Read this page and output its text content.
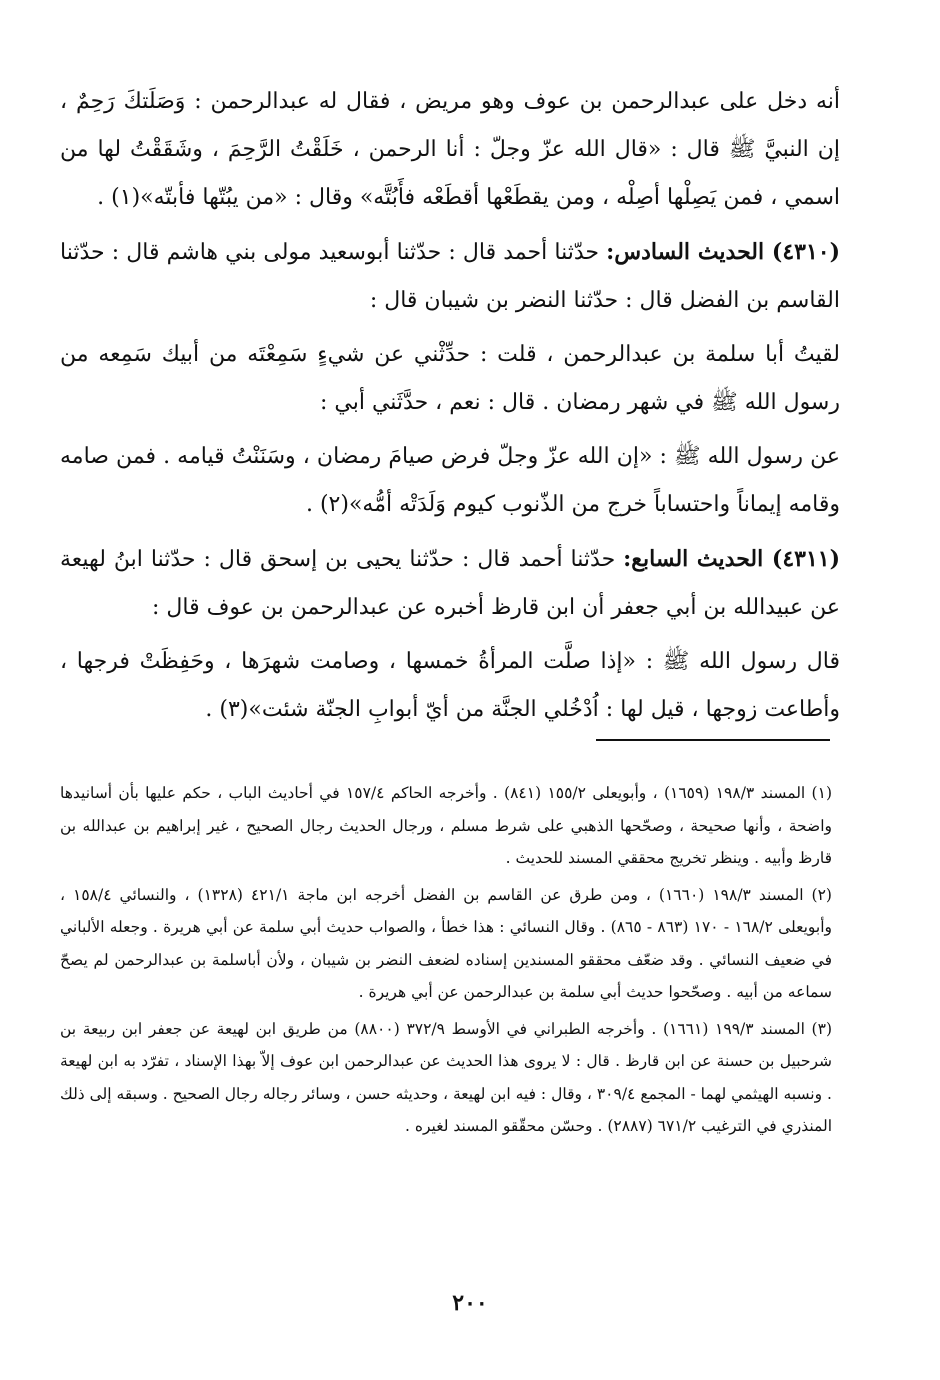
أنه دخل على عبدالرحمن بن عوف وهو مريض ، فقال له عبدالرحمن : وَصَلَتكَ رَحِمٌ ، إن النبيَّ ﷺ قال : «قال الله عزّ وجلّ : أنا الرحمن ، خَلَقْتُ الرَّحِمَ ، وشَقَقْتُ لها من اسمي ، فمن يَصِلْها أصِلْه ، ومن يقطَعْها أقطَعْه فأَبُتَّه» وقال : «من يبُتّها فأبتّه»(١) .

(٤٣١٠) الحديث السادس: حدّثنا أحمد قال : حدّثنا أبوسعيد مولى بني هاشم قال : حدّثنا القاسم بن الفضل قال : حدّثنا النضر بن شيبان قال :

لقيتُ أبا سلمة بن عبدالرحمن ، قلت : حدِّثْني عن شيءٍ سَمِعْتَه من أبيك سَمِعه من رسول الله ﷺ في شهر رمضان . قال : نعم ، حدَّثَني أبي :

عن رسول الله ﷺ : «إن الله عزّ وجلّ فرض صيامَ رمضان ، وسَنَنْتُ قيامه . فمن صامه وقامه إيماناً واحتساباً خرج من الذّنوب كيوم وَلَدَتْه أمُّه»(٢) .

(٤٣١١) الحديث السابع: حدّثنا أحمد قال : حدّثنا يحيى بن إسحق قال : حدّثنا ابنُ لهيعة عن عبيدالله بن أبي جعفر أن ابن قارظ أخبره عن عبدالرحمن بن عوف قال :

قال رسول الله ﷺ : «إذا صلَّت المرأةُ خمسها ، وصامت شهرَها ، وحَفِظَتْ فرجها ، وأطاعت زوجها ، قيل لها : اُدْخُلي الجنَّة من أيّ أبوابِ الجنّة شئت»(٣) .

(١) المسند ١٩٨/٣ (١٦٥٩) ، وأبويعلى ١٥٥/٢ (٨٤١) . وأخرجه الحاكم ١٥٧/٤ في أحاديث الباب ، حكم عليها بأن أسانيدها واضحة ، وأنها صحيحة ، وصحّحها الذهبي على شرط مسلم ، ورجال الحديث رجال الصحيح ، غير إبراهيم بن عبدالله بن قارظ وأبيه . وينظر تخريج محققي المسند للحديث .

(٢) المسند ١٩٨/٣ (١٦٦٠) ، ومن طرق عن القاسم بن الفضل أخرجه ابن ماجة ٤٢١/١ (١٣٢٨) ، والنسائي ١٥٨/٤ ، وأبويعلى ١٦٨/٢ - ١٧٠ (٨٦٣ - ٨٦٥) . وقال النسائي : هذا خطأ ، والصواب حديث أبي سلمة عن أبي هريرة . وجعله الألباني في ضعيف النسائي . وقد ضعّف محققو المسندين إسناده لضعف النضر بن شيبان ، ولأن أباسلمة بن عبدالرحمن لم يصحّ سماعه من أبيه . وصحّحوا حديث أبي سلمة بن عبدالرحمن عن أبي هريرة .

(٣) المسند ١٩٩/٣ (١٦٦١) . وأخرجه الطبراني في الأوسط ٣٧٢/٩ (٨٨٠٠) من طريق ابن لهيعة عن جعفر ابن ربيعة بن شرحبيل بن حسنة عن ابن قارظ . قال : لا يروى هذا الحديث عن عبدالرحمن ابن عوف إلاّ بهذا الإسناد ، تفرّد به ابن لهيعة . ونسبه الهيثمي لهما - المجمع ٣٠٩/٤ ، وقال : فيه ابن لهيعة ، وحديثه حسن ، وسائر رجاله رجال الصحيح . وسبقه إلى ذلك المنذري في الترغيب ٦٧١/٢ (٢٨٨٧) . وحسّن محقّقو المسند لغيره .

٢٠٠
